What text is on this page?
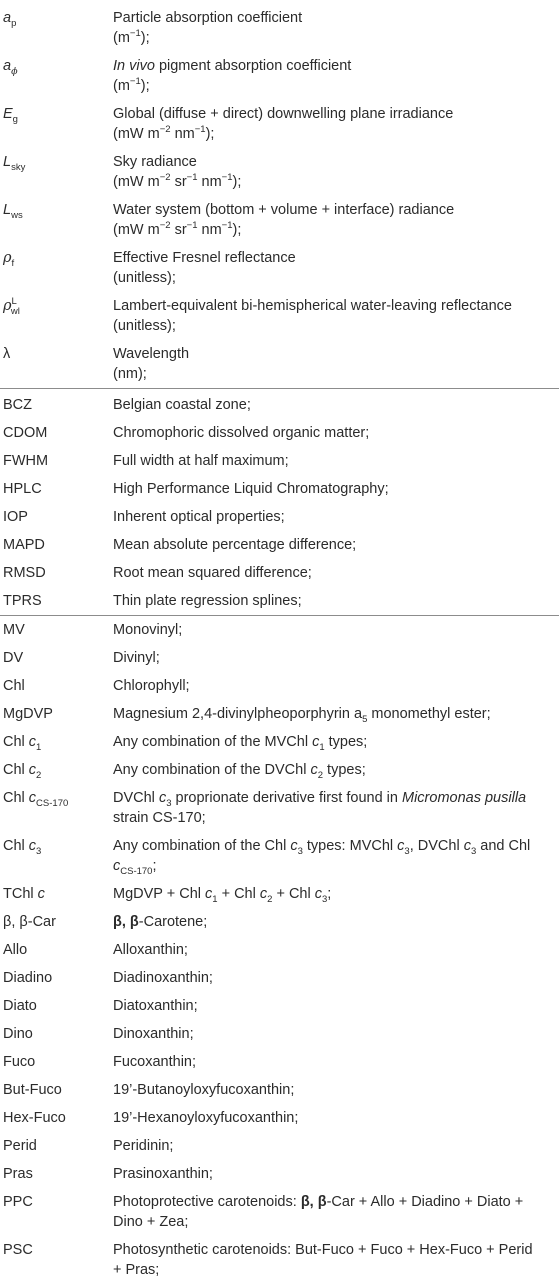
$a_p$	Particle absorption coefficient
$(m^{-1})$;
$a_\phi$	In vivo pigment absorption coefficient
$(m^{-1})$;
$E_g$	Global (diffuse + direct) downwelling plane irradiance
(mW $m^{-2}$ $nm^{-1}$);
$L_{sky}$	Sky radiance
(mW $m^{-2}$ $sr^{-1}$ $nm^{-1}$);
$L_{ws}$	Water system (bottom + volume + interface) radiance
(mW $m^{-2}$ $sr^{-1}$ $nm^{-1}$);
$\rho_f$	Effective Fresnel reflectance
(unitless);
$\rho^L_{wl}$	Lambert-equivalent bi-hemispherical water-leaving reflectance
(unitless);
λ	Wavelength
(nm);
BCZ	Belgian coastal zone;
CDOM	Chromophoric dissolved organic matter;
FWHM	Full width at half maximum;
HPLC	High Performance Liquid Chromatography;
IOP	Inherent optical properties;
MAPD	Mean absolute percentage difference;
RMSD	Root mean squared difference;
TPRS	Thin plate regression splines;
MV	Monovinyl;
DV	Divinyl;
Chl	Chlorophyll;
MgDVP	Magnesium 2,4-divinylpheoporphyrin $a_5$ monomethyl ester;
Chl $c_1$	Any combination of the MVChl $c_1$ types;
Chl $c_2$	Any combination of the DVChl $c_2$ types;
Chl $c_{CS-170}$	DVChl $c_3$ proprionate derivative first found in Micromonas pusilla
strain CS-170;
Chl $c_3$	Any combination of the Chl $c_3$ types: MVChl $c_3$, DVChl $c_3$ and Chl
$c_{CS-170}$;
TChl c	MgDVP + Chl $c_1$ + Chl $c_2$ + Chl $c_3$;
β, β-Car	β, β-Carotene;
Allo	Alloxanthin;
Diadino	Diadinoxanthin;
Diato	Diatoxanthin;
Dino	Dinoxanthin;
Fuco	Fucoxanthin;
But-Fuco	19’-Butanoyloxyfucoxanthin;
Hex-Fuco	19’-Hexanoyloxyfucoxanthin;
Perid	Peridinin;
Pras	Prasinoxanthin;
PPC	Photoprotective carotenoids: β, β-Car + Allo + Diadino + Diato +
Dino + Zea;
PSC	Photosynthetic carotenoids: But-Fuco + Fuco + Hex-Fuco + Perid
+ Pras;
